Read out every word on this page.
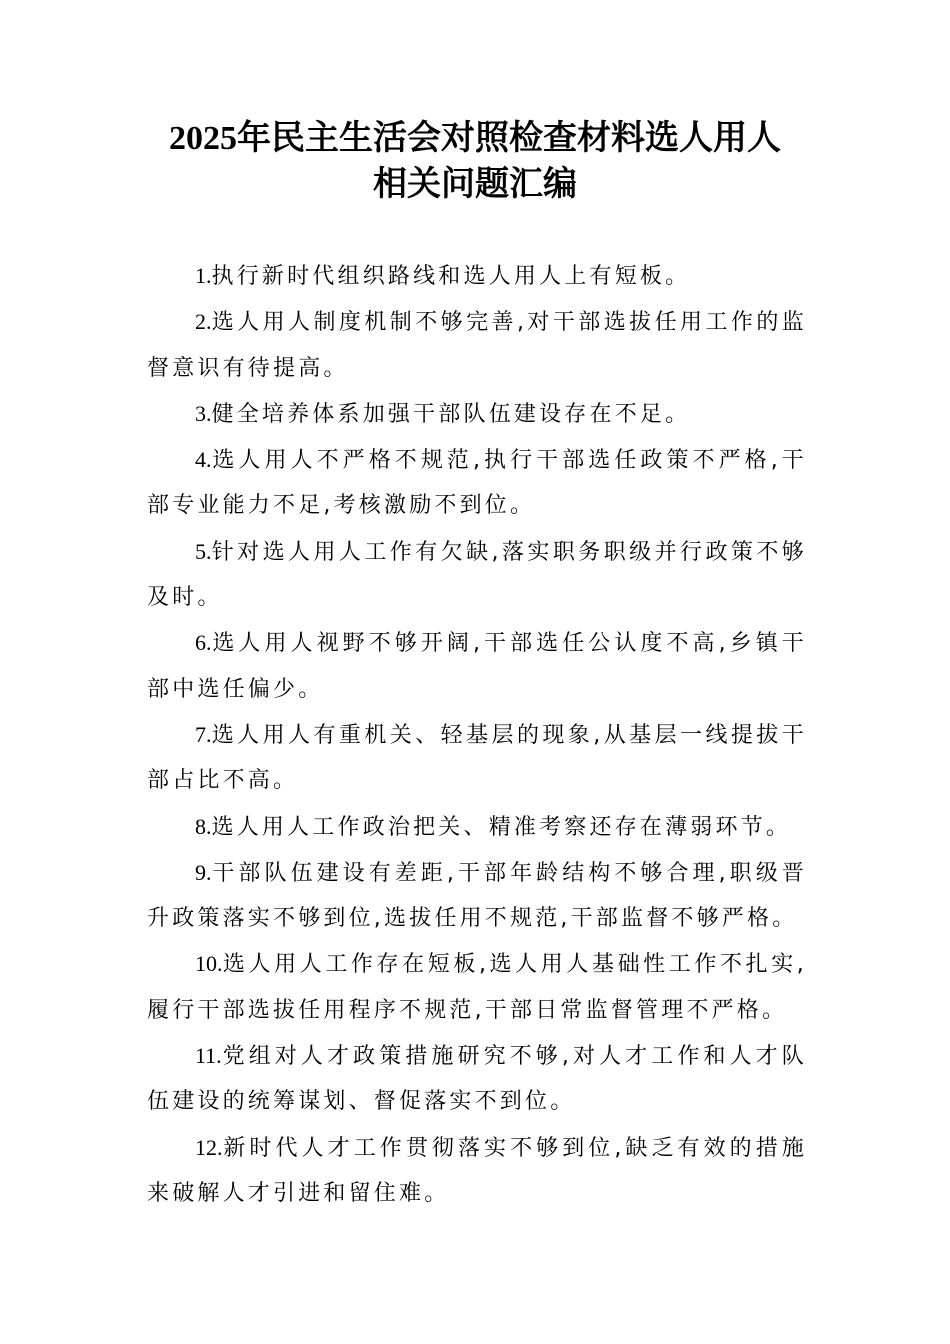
2025年民主生活会对照检查材料选人用人
相关问题汇编

1.执行新时代组织路线和选人用人上有短板。

2.选人用人制度机制不够完善,对干部选拔任用工作的监督意识有待提高。

3.健全培养体系加强干部队伍建设存在不足。

4.选人用人不严格不规范,执行干部选任政策不严格,干部专业能力不足,考核激励不到位。

5.针对选人用人工作有欠缺,落实职务职级并行政策不够及时。

6.选人用人视野不够开阔,干部选任公认度不高,乡镇干部中选任偏少。

7.选人用人有重机关、轻基层的现象,从基层一线提拔干部占比不高。

8.选人用人工作政治把关、精准考察还存在薄弱环节。

9.干部队伍建设有差距,干部年龄结构不够合理,职级晋升政策落实不够到位,选拔任用不规范,干部监督不够严格。

10.选人用人工作存在短板,选人用人基础性工作不扎实,履行干部选拔任用程序不规范,干部日常监督管理不严格。

11.党组对人才政策措施研究不够,对人才工作和人才队伍建设的统筹谋划、督促落实不到位。

12.新时代人才工作贯彻落实不够到位,缺乏有效的措施来破解人才引进和留住难。
